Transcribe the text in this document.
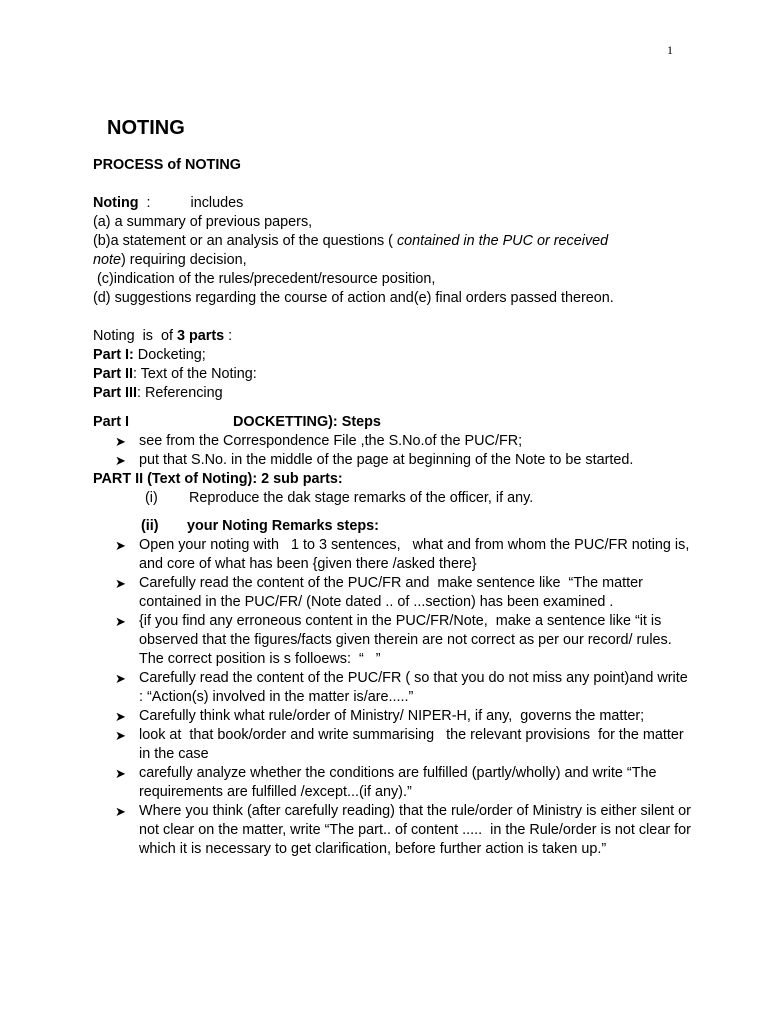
1
NOTING

PROCESS of NOTING

Noting  :          includes

(a) a summary of previous papers,

(b)a statement or an analysis of the questions ( contained in the PUC or received
note) requiring decision,

(c)indication of the rules/precedent/resource position,

(d) suggestions regarding the course of action and(e) final orders passed thereon.

Noting  is  of 3 parts :

Part I: Docketing;

Part II: Text of the Noting:

Part III: Referencing

Part I	DOCKETTING): Steps

➤ see from the Correspondence File ,the S.No.of the PUC/FR;

➤ put that S.No. in the middle of the page at beginning of the Note to be started.

PART II (Text of Noting): 2 sub parts:

(i) Reproduce the dak stage remarks of the officer, if any.

(ii) your Noting Remarks steps:

➤ Open your noting with   1 to 3 sentences,   what and from whom the PUC/FR noting is, and core of what has been {given there /asked there}

➤ Carefully read the content of the PUC/FR and  make sentence like  “The matter contained in the PUC/FR/ (Note dated .. of ...section) has been examined .

➤ {if you find any erroneous content in the PUC/FR/Note,  make a sentence like “it is  observed that the figures/facts given therein are not correct as per our record/ rules. The correct position is s folloews:  “   ”

➤ Carefully read the content of the PUC/FR ( so that you do not miss any point)and write : “Action(s) involved in the matter is/are.....”

➤ Carefully think what rule/order of Ministry/ NIPER-H, if any,  governs the matter;

➤ look at  that book/order and write summarising   the relevant provisions  for the matter in the case

➤ carefully analyze whether the conditions are fulfilled (partly/wholly) and write “The requirements are fulfilled /except...(if any).”

➤ Where you think (after carefully reading) that the rule/order of Ministry is either silent or not clear on the matter, write “The part.. of content .....  in the Rule/order is not clear for which it is necessary to get clarification, before further action is taken up.”
